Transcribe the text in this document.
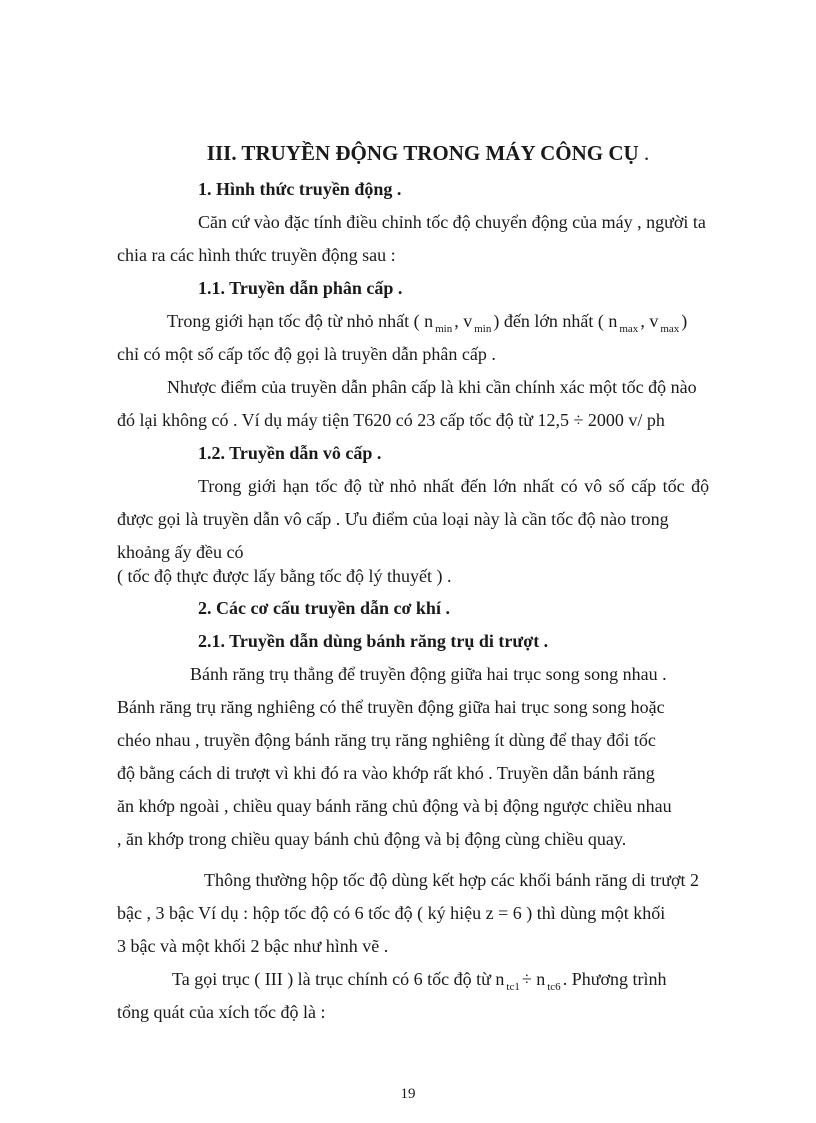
III. TRUYỀN ĐỘNG TRONG MÁY CÔNG CỤ .
1. Hình thức truyền động .
Căn cứ vào đặc tính điều chỉnh tốc độ chuyển động của máy , người ta
chia ra các hình thức truyền động sau :
1.1. Truyền dẫn phân cấp .
Trong giới hạn tốc độ từ nhỏ nhất ( n $_{min}$ , v $_{min}$ ) đến lớn nhất ( n $_{max}$ , v $_{max}$ )
chỉ có một số cấp tốc độ gọi là truyền dẫn phân cấp .
Nhược điểm của truyền dẫn phân cấp là khi cần chính xác một tốc độ nào
đó lại không có . Ví dụ máy tiện T620 có 23 cấp tốc độ từ 12,5 ÷ 2000 v/ ph
1.2. Truyền dẫn vô cấp .
Trong giới hạn tốc độ từ nhỏ nhất đến lớn nhất có vô số cấp tốc độ
được gọi là truyền dẫn vô cấp . Ưu điểm của loại này là cần tốc độ nào trong
khoảng ấy đều có
( tốc độ thực được lấy bằng tốc độ lý thuyết ) .
2. Các cơ cấu truyền dẫn cơ khí .
2.1. Truyền dẫn dùng bánh răng trụ di trượt .
Bánh răng trụ thẳng để truyền động giữa hai trục song song nhau .
Bánh răng trụ răng nghiêng có thể truyền động giữa hai trục song song hoặc
chéo nhau , truyền động bánh răng trụ răng nghiêng ít dùng để thay đổi tốc
độ bằng cách di trượt vì khi đó ra vào khớp rất khó . Truyền dẫn bánh răng
ăn khớp ngoài , chiều quay bánh răng chủ động và bị động ngược chiều nhau
, ăn khớp trong chiều quay bánh chủ động và bị động cùng chiều quay.
Thông thường hộp tốc độ dùng kết hợp các khối bánh răng di trượt 2
bậc , 3 bậc Ví dụ : hộp tốc độ có 6 tốc độ ( ký hiệu z = 6 ) thì dùng một khối
3 bậc và một khối 2 bậc như hình vẽ .
Ta gọi trục ( III ) là trục chính có 6 tốc độ từ n $_{tc1}$ ÷ n $_{tc6}$ . Phương trình
tổng quát của xích tốc độ là :
19
